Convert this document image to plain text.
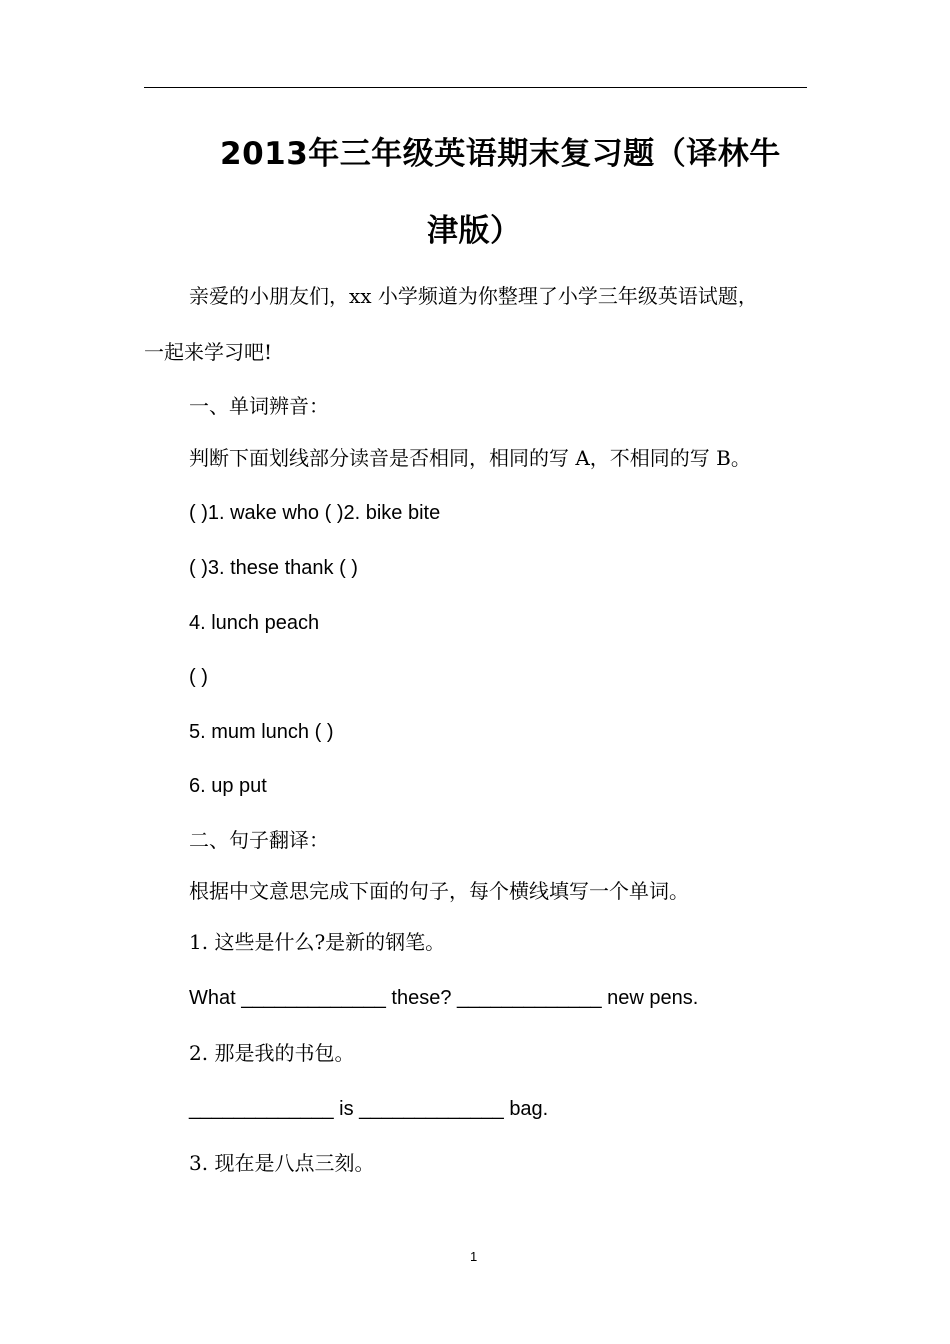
2013年三年级英语期末复习题（译林牛
津版）
亲爱的小朋友们，xx 小学频道为你整理了小学三年级英语试题，
一起来学习吧!
一、单词辨音：
判断下面划线部分读音是否相同，相同的写 A，不相同的写 B。
( )1. wake who ( )2. bike bite
( )3. these thank ( )
4. lunch peach
( )
5. mum lunch ( )
6. up put
二、句子翻译：
根据中文意思完成下面的句子，每个横线填写一个单词。
1. 这些是什么?是新的钢笔。
What _____________ these? _____________ new pens.
2. 那是我的书包。
_____________ is _____________ bag.
3. 现在是八点三刻。
1
